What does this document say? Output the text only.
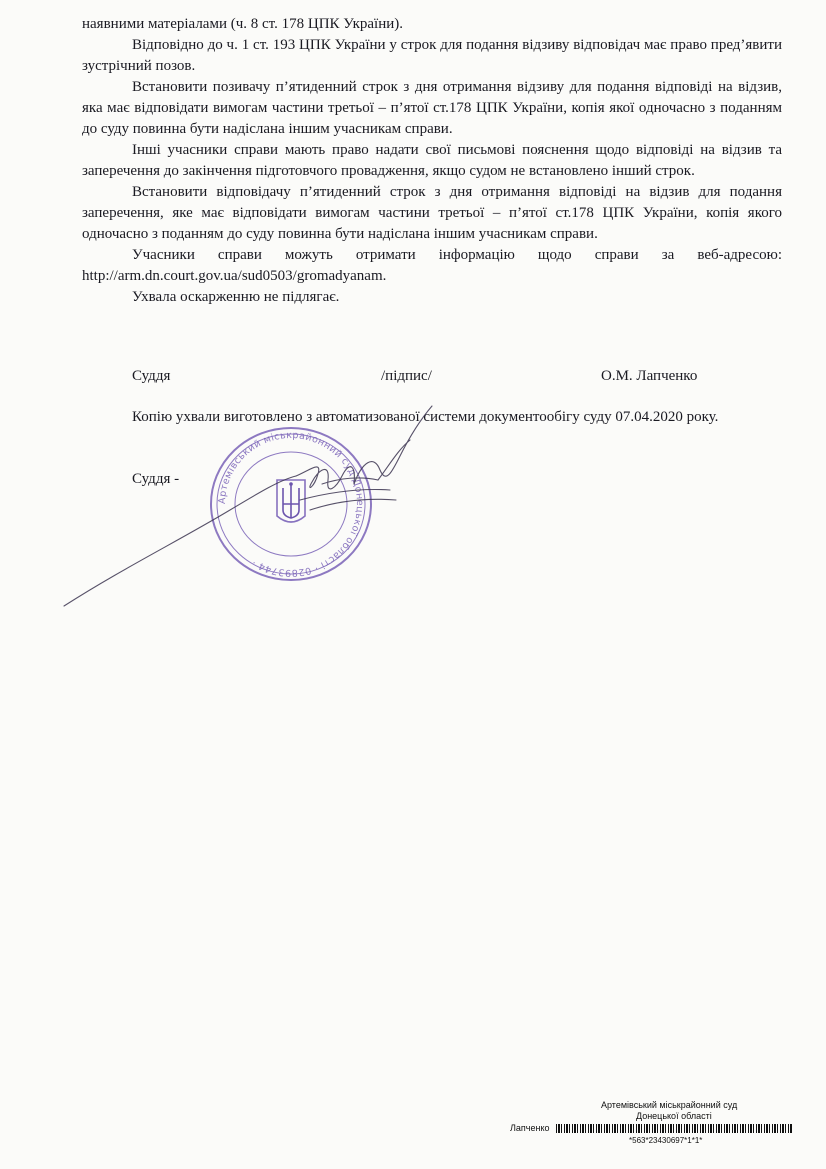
наявними матеріалами (ч. 8 ст. 178 ЦПК України).

Відповідно до ч. 1 ст. 193 ЦПК України у строк для подання відзиву відповідач має право пред’явити зустрічний позов.

Встановити позивачу п’ятиденний строк з дня отримання відзиву для подання відповіді на відзив, яка має відповідати вимогам частини третьої – п’ятої ст.178 ЦПК України, копія якої одночасно з поданням до суду повинна бути надіслана іншим учасникам справи.

Інші учасники справи мають право надати свої письмові пояснення щодо відповіді на відзив та заперечення до закінчення підготовчого провадження, якщо судом не встановлено інший строк.

Встановити відповідачу п’ятиденний строк з дня отримання відповіді на відзив для подання заперечення, яке має відповідати вимогам частини третьої – п’ятої ст.178 ЦПК України, копія якого одночасно з поданням до суду повинна бути надіслана іншим учасникам справи.

Учасники справи можуть отримати інформацію щодо справи за веб-адресою: http://arm.dn.court.gov.ua/sud0503/gromadyanam.

Ухвала оскарженню не підлягає.

Суддя	/підпис/	О.М. Лапченко

Копію ухвали виготовлено з автоматизованої системи документообігу суду 07.04.2020 року.

Суддя -
Артемівський міськрайонний суд Донецької області · 02893744 ·
Артемівський міськрайонний суд
Донецької області
Лапченко
*563*23430697*1*1*
